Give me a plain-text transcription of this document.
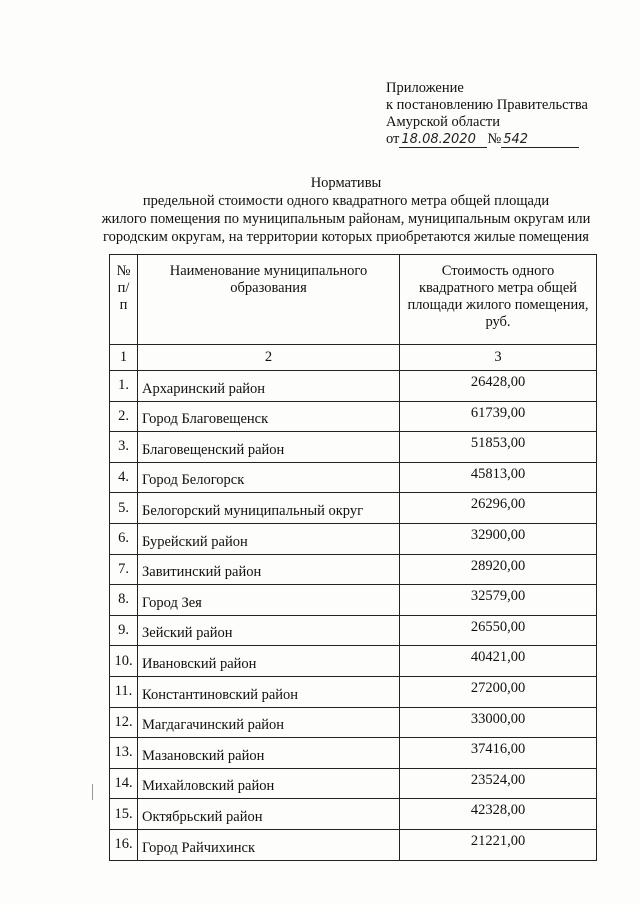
Приложение
к постановлению Правительства
Амурской области
от 18.08.2020 № 542
Нормативы
предельной стоимости одного квадратного метра общей площади
жилого помещения по муниципальным районам, муниципальным округам или
городским округам, на территории которых приобретаются жилые помещения
№ п/п	Наименование муниципального образования	Стоимость одного квадратного метра общей площади жилого помещения, руб.
1	2	3
1.	Архаринский район	26428,00
2.	Город Благовещенск	61739,00
3.	Благовещенский район	51853,00
4.	Город Белогорск	45813,00
5.	Белогорский муниципальный округ	26296,00
6.	Бурейский район	32900,00
7.	Завитинский район	28920,00
8.	Город Зея	32579,00
9.	Зейский район	26550,00
10.	Ивановский район	40421,00
11.	Константиновский район	27200,00
12.	Магдагачинский район	33000,00
13.	Мазановский район	37416,00
14.	Михайловский район	23524,00
15.	Октябрьский район	42328,00
16.	Город Райчихинск	21221,00
